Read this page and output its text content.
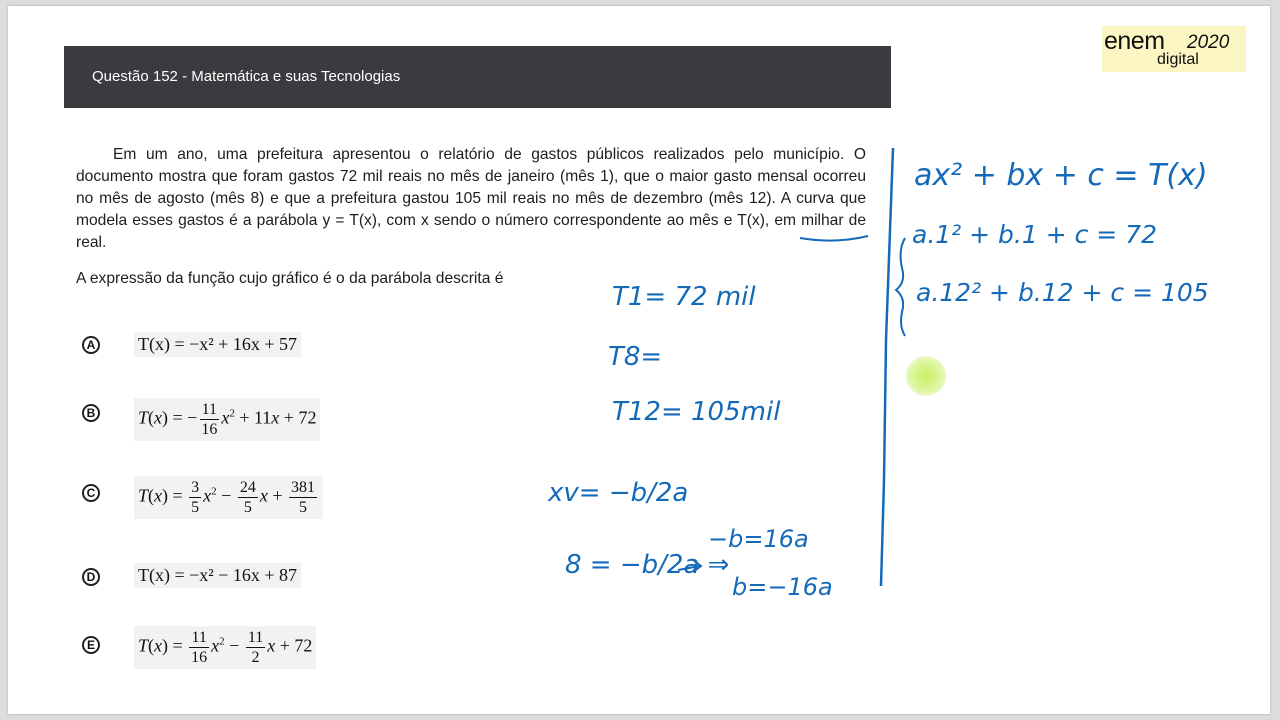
Questão 152 - Matemática e suas Tecnologias
enem 2020
digital

Em um ano, uma prefeitura apresentou o relatório de gastos públicos realizados pelo município. O documento mostra que foram gastos 72 mil reais no mês de janeiro (mês 1), que o maior gasto mensal ocorreu no mês de agosto (mês 8) e que a prefeitura gastou 105 mil reais no mês de dezembro (mês 12). A curva que modela esses gastos é a parábola y = T(x), com x sendo o número correspondente ao mês e T(x), em milhar de real.

A expressão da função cujo gráfico é o da parábola descrita é
A T(x) = −x² + 16x + 57
B T(x) = − $\frac{11}{16} x^2 + 11x + 72$
C $T(x) = \frac{3}{5} x^2 - \frac{24}{5}$ $x + \frac{381}{5}$
D T(x) = −x² − 16x + 87
E $T(x) = \frac{11}{16} x^2 - \frac{11}{2}$ x + 72
T1= 72 mil
T8=
T12= 105mil
xv= −b/2a
8 = −b/2a ⇒
−b=16a
b=−16a
ax² + bx + c = T(x)
a.1² + b.1 + c = 72
a.12² + b.12 + c = 105
